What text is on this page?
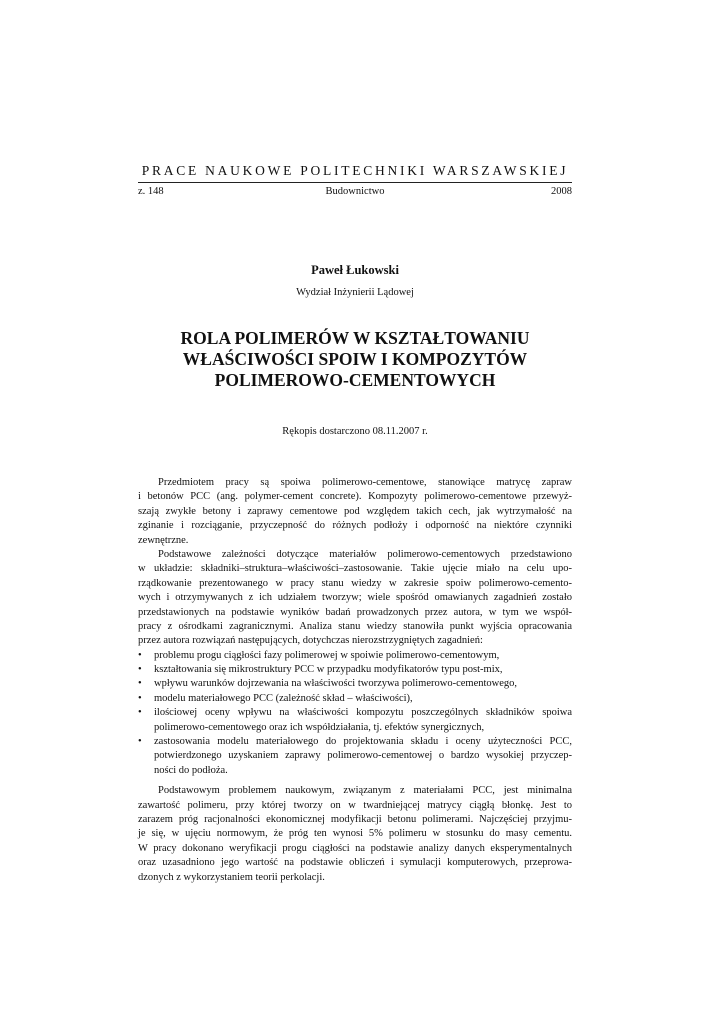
PRACE NAUKOWE POLITECHNIKI WARSZAWSKIEJ
Budownictwo
z. 148	2008
Paweł Łukowski
Wydział Inżynierii Lądowej
ROLA POLIMERÓW W KSZTAŁTOWANIU
WŁAŚCIWOŚCI SPOIW I KOMPOZYTÓW
POLIMEROWO-CEMENTOWYCH
Rękopis dostarczono 08.11.2007 r.
Przedmiotem pracy są spoiwa polimerowo-cementowe, stanowiące matrycę zapraw
i betonów PCC (ang. polymer-cement concrete). Kompozyty polimerowo-cementowe przewyż-
szają zwykłe betony i zaprawy cementowe pod względem takich cech, jak wytrzymałość na
zginanie i rozciąganie, przyczepność do różnych podłoży i odporność na niektóre czynniki
zewnętrzne.
Podstawowe zależności dotyczące materiałów polimerowo-cementowych przedstawiono
w układzie: składniki–struktura–właściwości–zastosowanie. Takie ujęcie miało na celu upo-
rządkowanie prezentowanego w pracy stanu wiedzy w zakresie spoiw polimerowo-cemento-
wych i otrzymywanych z ich udziałem tworzyw; wiele spośród omawianych zagadnień zostało
przedstawionych na podstawie wyników badań prowadzonych przez autora, w tym we współ-
pracy z ośrodkami zagranicznymi. Analiza stanu wiedzy stanowiła punkt wyjścia opracowania
przez autora rozwiązań następujących, dotychczas nierozstrzygniętych zagadnień:
• problemu progu ciągłości fazy polimerowej w spoiwie polimerowo-cementowym,
• kształtowania się mikrostruktury PCC w przypadku modyfikatorów typu post-mix,
• wpływu warunków dojrzewania na właściwości tworzywa polimerowo-cementowego,
• modelu materiałowego PCC (zależność skład – właściwości),
• ilościowej oceny wpływu na właściwości kompozytu poszczególnych składników spoiwa
polimerowo-cementowego oraz ich współdziałania, tj. efektów synergicznych,
• zastosowania modelu materiałowego do projektowania składu i oceny użyteczności PCC,
potwierdzonego uzyskaniem zaprawy polimerowo-cementowej o bardzo wysokiej przyczep-
ności do podłoża.
Podstawowym problemem naukowym, związanym z materiałami PCC, jest minimalna
zawartość polimeru, przy której tworzy on w twardniejącej matrycy ciągłą błonkę. Jest to
zarazem próg racjonalności ekonomicznej modyfikacji betonu polimerami. Najczęściej przyjmu-
je się, w ujęciu normowym, że próg ten wynosi 5% polimeru w stosunku do masy cementu.
W pracy dokonano weryfikacji progu ciągłości na podstawie analizy danych eksperymentalnych
oraz uzasadniono jego wartość na podstawie obliczeń i symulacji komputerowych, przeprowa-
dzonych z wykorzystaniem teorii perkolacji.
